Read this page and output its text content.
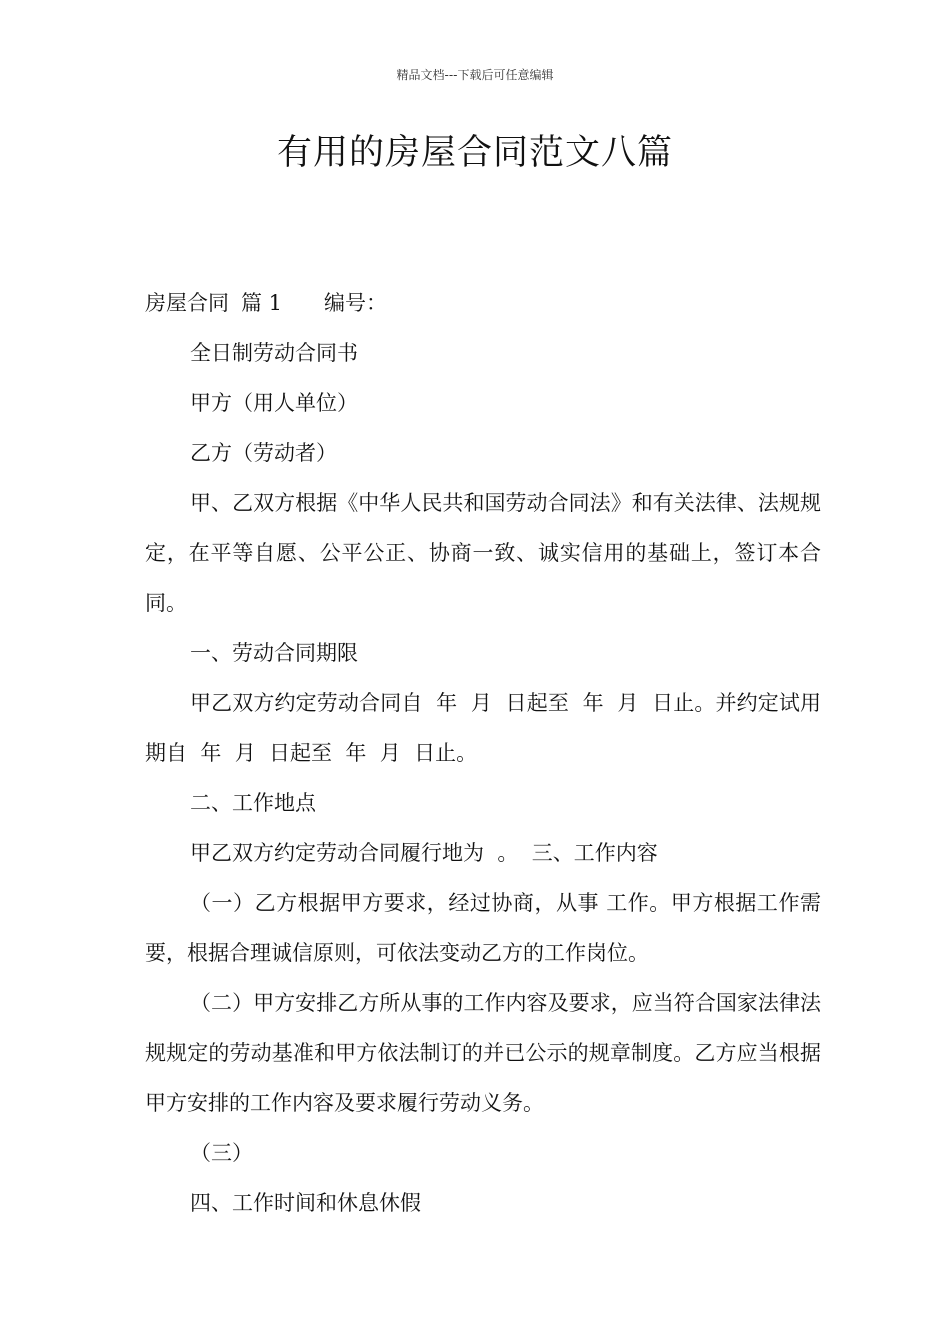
精品文档---下载后可任意编辑
有用的房屋合同范文八篇

房屋合同 篇 1 编号：

全日制劳动合同书

甲方（用人单位）

乙方（劳动者）

甲、乙双方根据《中华人民共和国劳动合同法》和有关法律、法规规定，在平等自愿、公平公正、协商一致、诚实信用的基础上，签订本合同。

一、劳动合同期限

甲乙双方约定劳动合同自  年  月  日起至  年  月  日止。并约定试用期自  年  月  日起至  年  月  日止。

二、工作地点

甲乙双方约定劳动合同履行地为  。  三、工作内容

（一）乙方根据甲方要求，经过协商，从事 工作。甲方根据工作需要，根据合理诚信原则，可依法变动乙方的工作岗位。

（二）甲方安排乙方所从事的工作内容及要求，应当符合国家法律法规规定的劳动基准和甲方依法制订的并已公示的规章制度。乙方应当根据甲方安排的工作内容及要求履行劳动义务。

（三）

四、工作时间和休息休假
